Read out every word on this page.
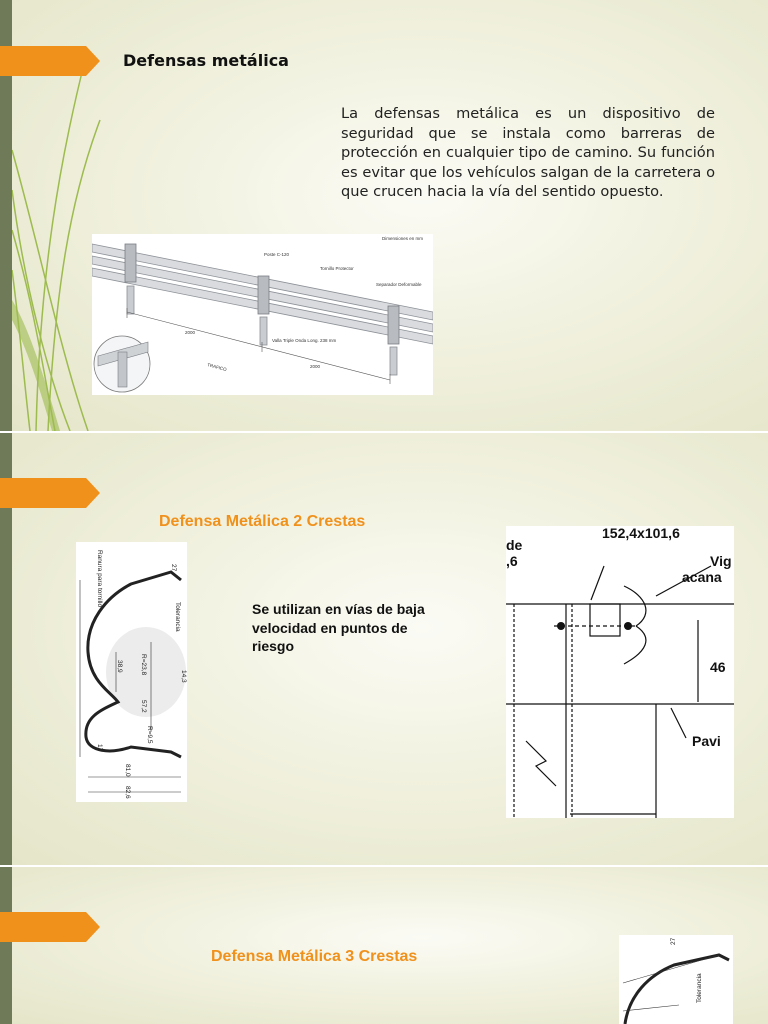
Defensas metálica

La defensas metálica es un dispositivo de seguridad que se instala como barreras de protección en cualquier tipo de camino. Su función es evitar que los vehículos salgan de la carretera o que crucen hacia la vía del sentido opuesto.

Dimensiones en mm
Poste C-120
Tornillo Protector
Separador Deformable
Valla Triple Onda Long. 238 mm
2000
2000
TRAFICO
Defensa Metálica 2 Crestas
Ranura para tornillo	27
Tolerancia
38,9	R=23,8
14,3
57,2
R=9,5
17
81,0
82,6

Se utilizan en vías de baja velocidad en puntos de riesgo

152,4x101,6
de
,6	Vig
acana
46
Pavi
Defensa Metálica 3 Crestas
27
Tolerancia
